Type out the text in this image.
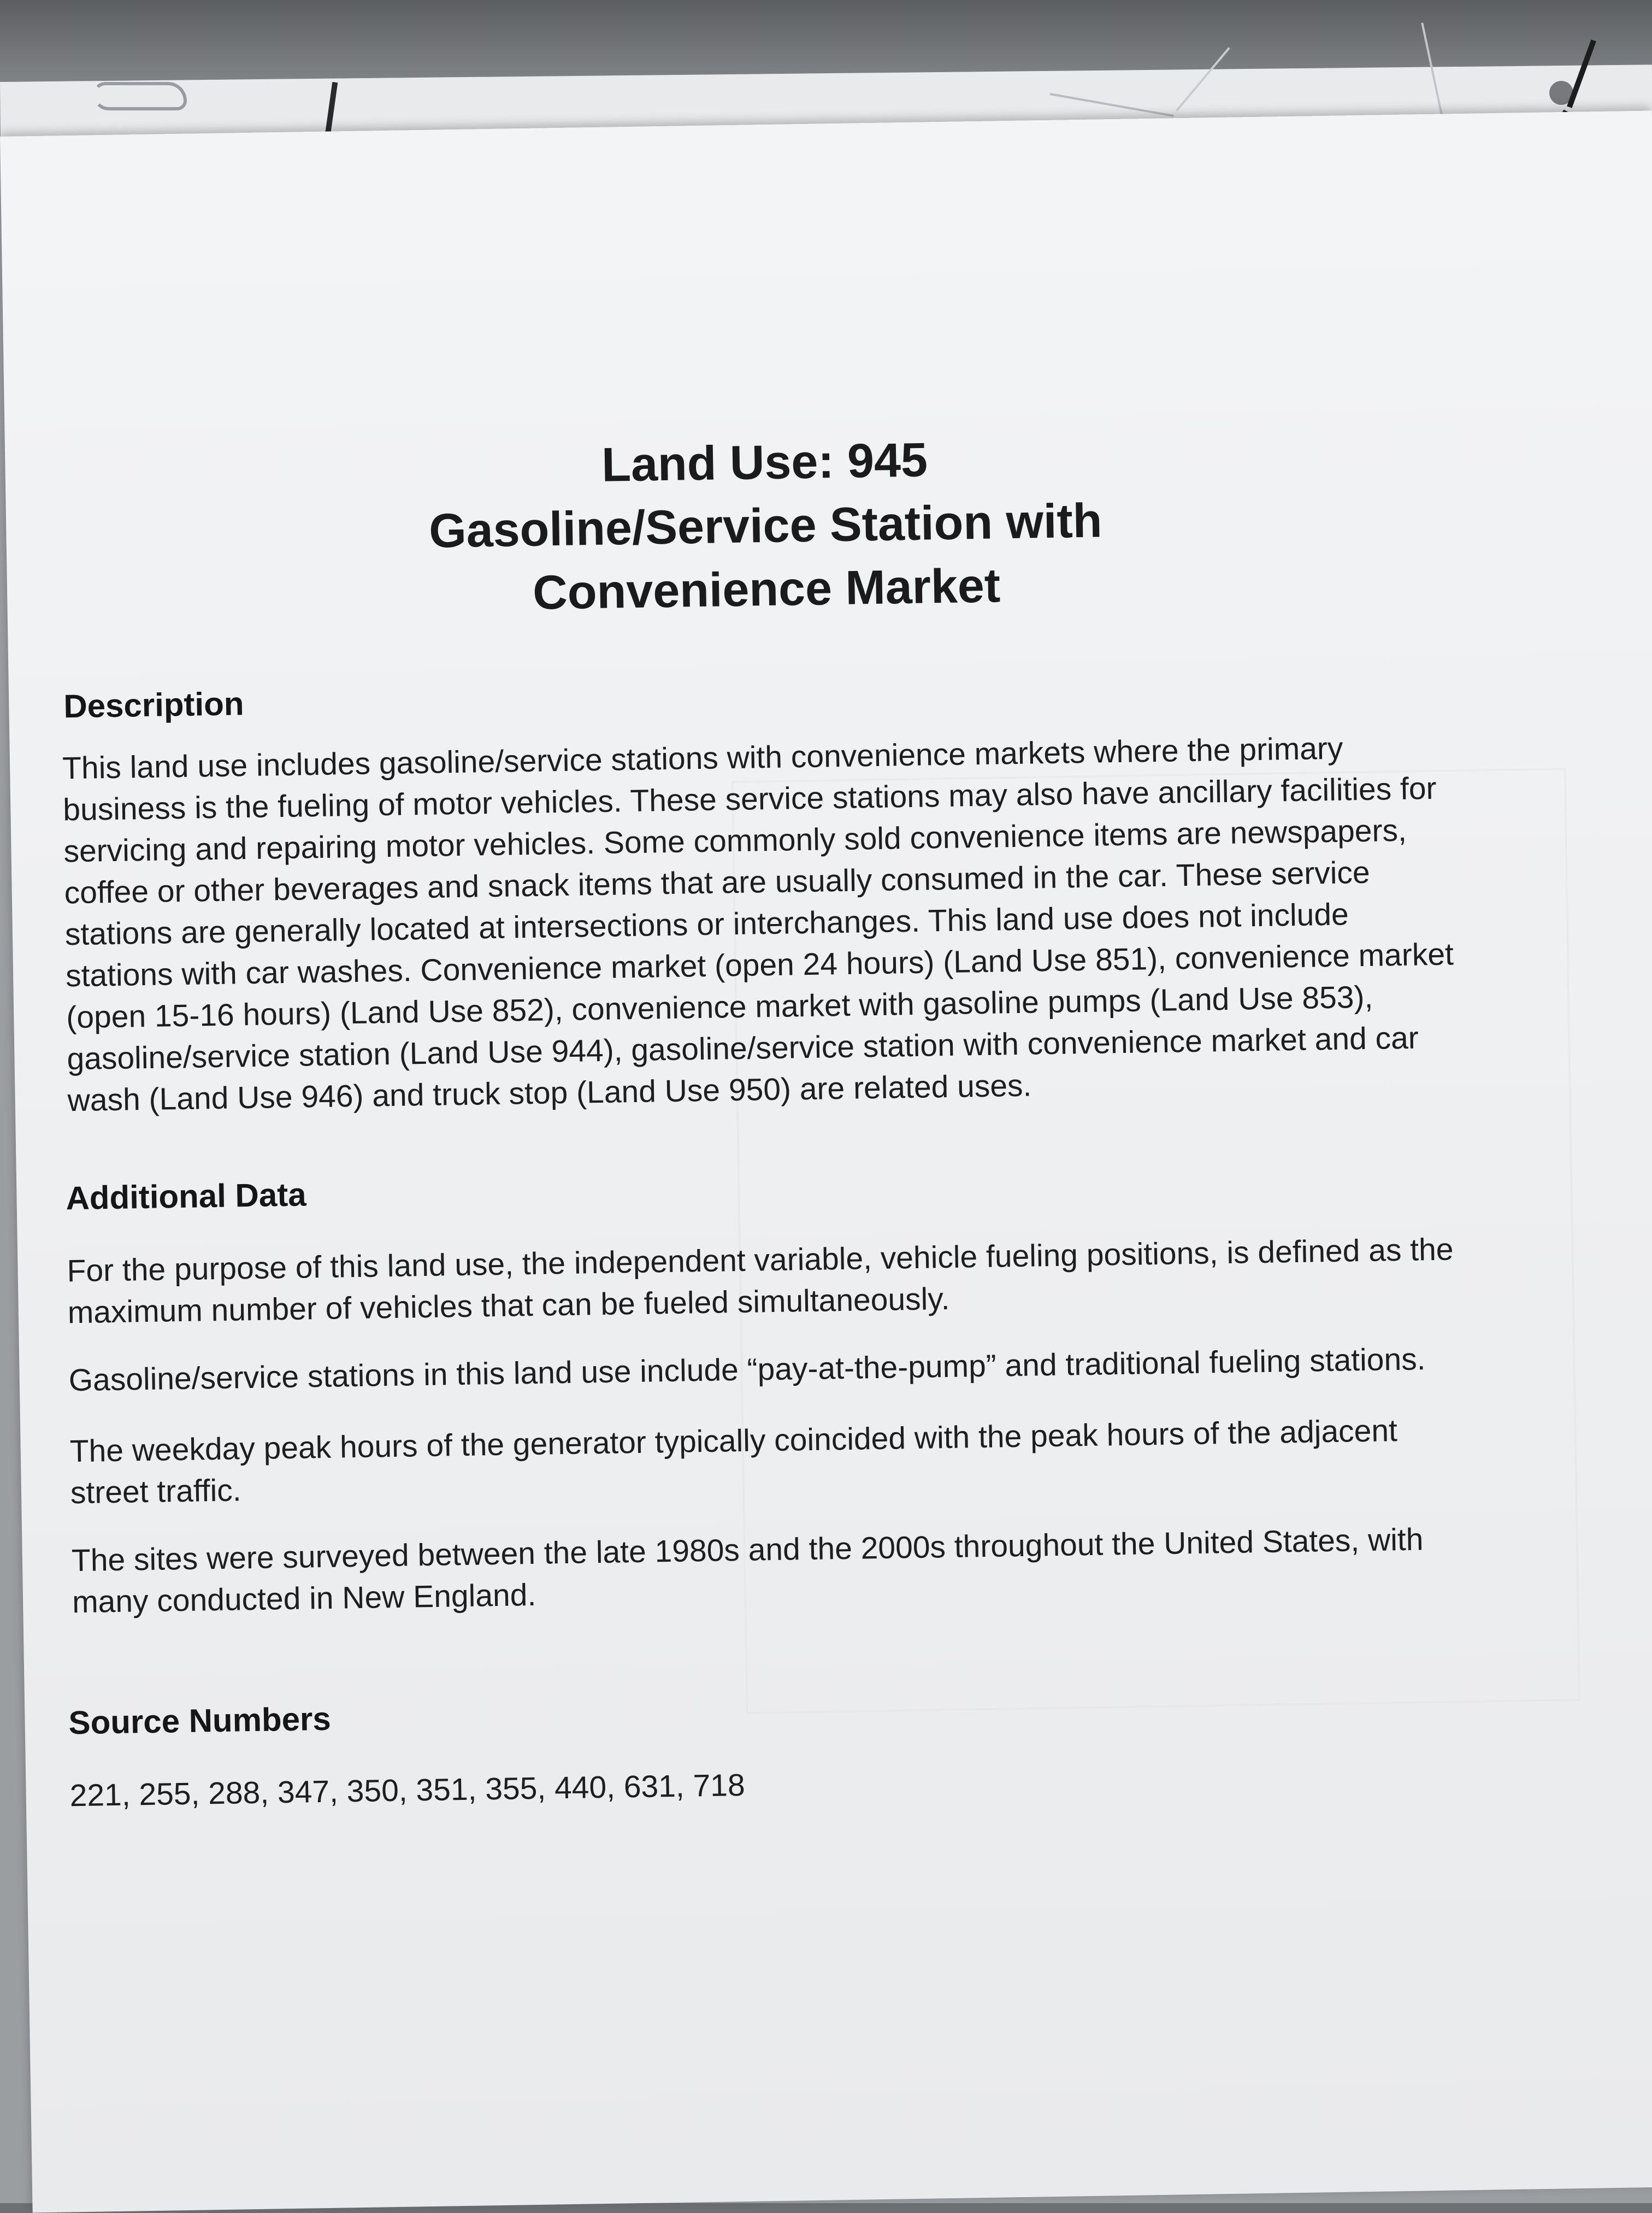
Land Use: 945
Gasoline/Service Station with
Convenience Market
Description

This land use includes gasoline/service stations with convenience markets where the primary

business is the fueling of motor vehicles. These service stations may also have ancillary facilities for

servicing and repairing motor vehicles. Some commonly sold convenience items are newspapers,

coffee or other beverages and snack items that are usually consumed in the car. These service

stations are generally located at intersections or interchanges. This land use does not include

stations with car washes. Convenience market (open 24 hours) (Land Use 851), convenience market

(open 15-16 hours) (Land Use 852), convenience market with gasoline pumps (Land Use 853),

gasoline/service station (Land Use 944), gasoline/service station with convenience market and car

wash (Land Use 946) and truck stop (Land Use 950) are related uses.

Additional Data

For the purpose of this land use, the independent variable, vehicle fueling positions, is defined as the

maximum number of vehicles that can be fueled simultaneously.

Gasoline/service stations in this land use include “pay-at-the-pump” and traditional fueling stations.

The weekday peak hours of the generator typically coincided with the peak hours of the adjacent

street traffic.

The sites were surveyed between the late 1980s and the 2000s throughout the United States, with

many conducted in New England.

Source Numbers

221, 255, 288, 347, 350, 351, 355, 440, 631, 718
